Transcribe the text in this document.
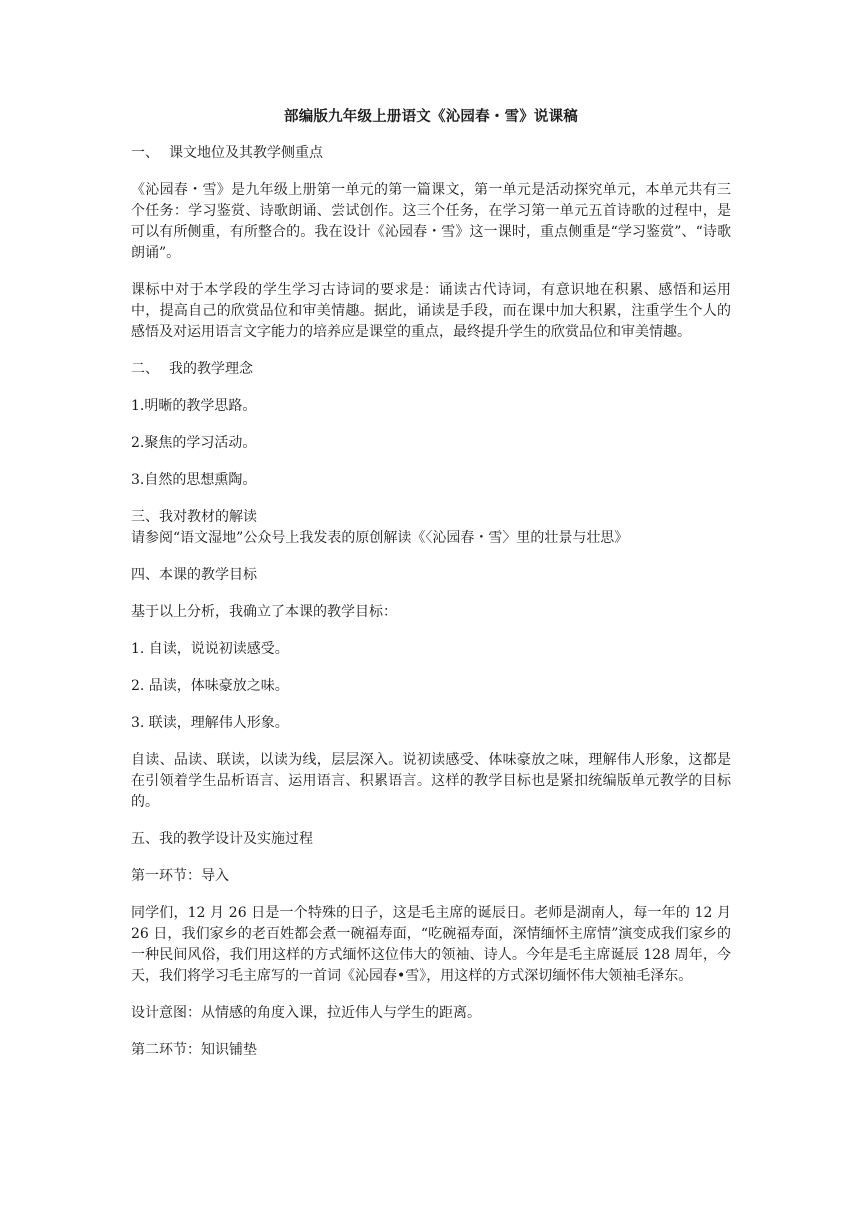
部编版九年级上册语文《沁园春・雪》说课稿
一、 课文地位及其教学侧重点
《沁园春・雪》是九年级上册第一单元的第一篇课文，第一单元是活动探究单元，本单元共有三个任务：学习鉴赏、诗歌朗诵、尝试创作。这三个任务，在学习第一单元五首诗歌的过程中，是可以有所侧重，有所整合的。我在设计《沁园春・雪》这一课时，重点侧重是“学习鉴赏”、“诗歌朗诵”。
课标中对于本学段的学生学习古诗词的要求是：诵读古代诗词，有意识地在积累、感悟和运用中，提高自己的欣赏品位和审美情趣。据此，诵读是手段，而在课中加大积累，注重学生个人的感悟及对运用语言文字能力的培养应是课堂的重点，最终提升学生的欣赏品位和审美情趣。
二、 我的教学理念
1.明晰的教学思路。
2.聚焦的学习活动。
3.自然的思想熏陶。
三、我对教材的解读
请参阅“语文湿地”公众号上我发表的原创解读《〈沁园春・雪〉里的壮景与壮思》
四、本课的教学目标
基于以上分析，我确立了本课的教学目标：
1. 自读，说说初读感受。
2. 品读，体味豪放之味。
3. 联读，理解伟人形象。
自读、品读、联读，以读为线，层层深入。说初读感受、体味豪放之味，理解伟人形象，这都是在引领着学生品析语言、运用语言、积累语言。这样的教学目标也是紧扣统编版单元教学的目标的。
五、我的教学设计及实施过程
第一环节：导入
同学们，12 月 26 日是一个特殊的日子，这是毛主席的诞辰日。老师是湖南人，每一年的 12 月 26 日，我们家乡的老百姓都会煮一碗福寿面，“吃碗福寿面，深情缅怀主席情”演变成我们家乡的一种民间风俗，我们用这样的方式缅怀这位伟大的领袖、诗人。今年是毛主席诞辰 128 周年，今天，我们将学习毛主席写的一首词《沁园春•雪》，用这样的方式深切缅怀伟大领袖毛泽东。
设计意图：从情感的角度入课，拉近伟人与学生的距离。
第二环节：知识铺垫
